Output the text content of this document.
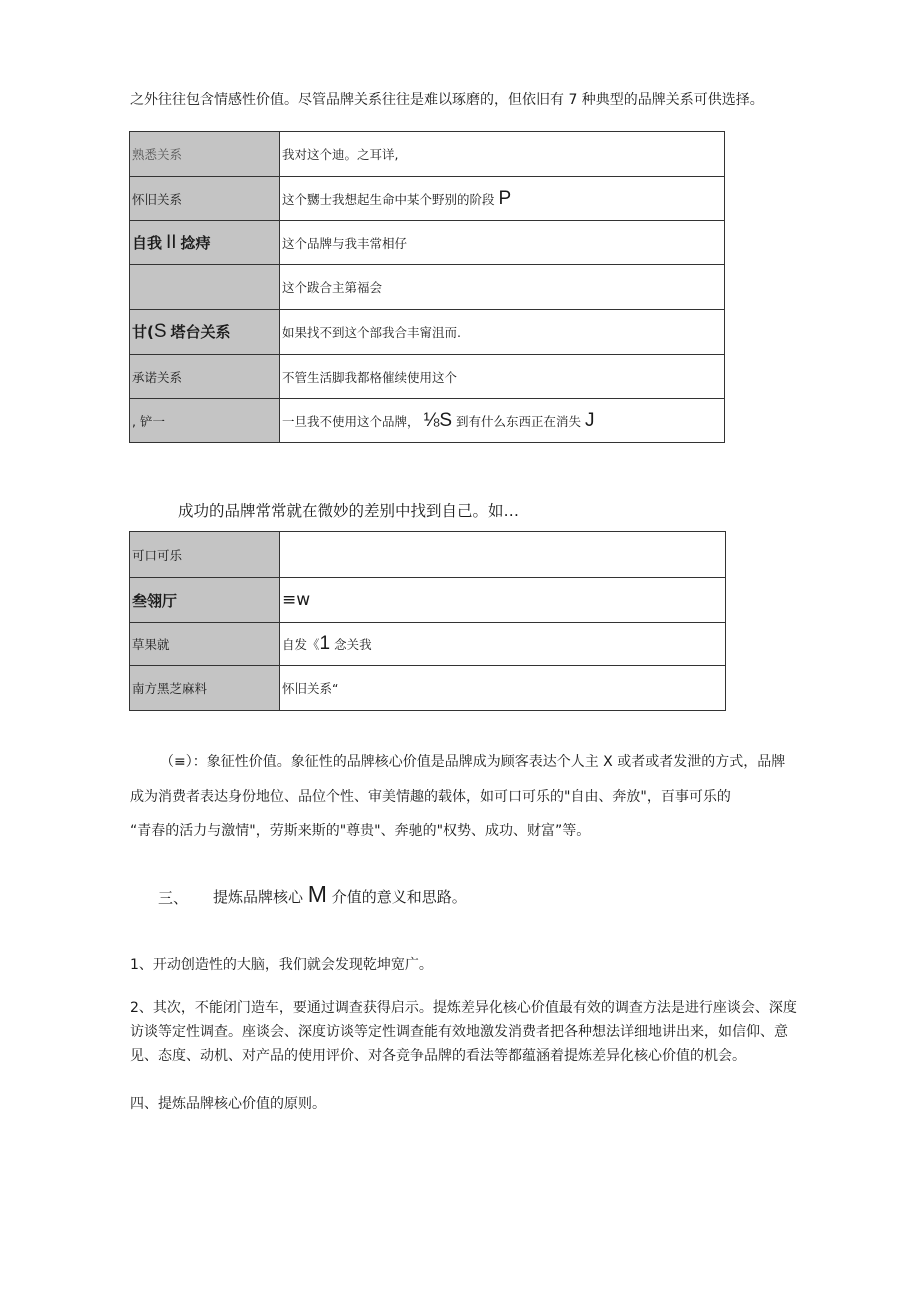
之外往往包含情感性价值。尽管品牌关系往往是难以琢磨的，但依旧有 7 种典型的品牌关系可供选择。
熟悉关系	我对这个迪。之耳详,
怀旧关系	这个嬲士我想起生命中某个野别的阶段 P
自我 II 捻痔	这个品牌与我丰常相仔
	这个跋合主第福会
甘(S 塔台关系	如果找不到这个部我合丰甯沮而.
承诺关系	不管生活脚我都格催续使用这个
, 铲一	一旦我不使用这个品牌， ⅛S 到有什么东西正在消失 J
成功的品牌常常就在微妙的差别中找到自己。如…
可口可乐	
叁翎厅	≡w
草果就	自发《1 念关我
南方黑芝麻料	怀旧关系“
（≡）：象征性价值。象征性的品牌核心价值是品牌成为顾客表达个人主 X 或者或者发泄的方式，品牌
成为消费者表达身份地位、品位个性、审美情趣的载体，如可口可乐的"自由、奔放"，百事可乐的
“青春的活力与激情"，劳斯来斯的"尊贵"、奔驰的"权势、成功、财富”等。
三、 提炼品牌核心 M 介值的意义和思路。
1、开动创造性的大脑，我们就会发现乾坤宽广。
2、其次，不能闭门造车，要通过调查获得启示。提炼差异化核心价值最有效的调查方法是进行座谈会、深度
访谈等定性调查。座谈会、深度访谈等定性调查能有效地激发消费者把各种想法详细地讲出来，如信仰、意
见、态度、动机、对产品的使用评价、对各竞争品牌的看法等都蕴涵着提炼差异化核心价值的机会。
四、提炼品牌核心价值的原则。
